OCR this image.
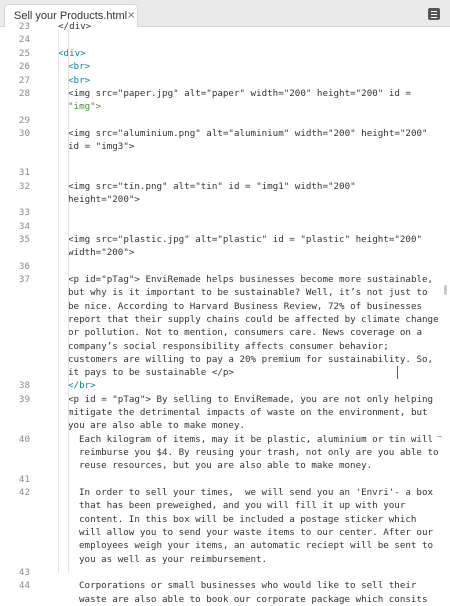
Sell your Products.html ×
23	</div>
24
25	<div>
26	<br>
27	<br>
28	<img src="paper.jpg" alt="paper" width="200" height="200" id =
"img">
29
30	<img src="aluminium.png" alt="aluminium" width="200" height="200"
id = "img3">
31
32	<img src="tin.png" alt="tin" id = "img1" width="200"
height="200">
33
34
35	<img src="plastic.jpg" alt="plastic" id = "plastic" height="200"
width="200">
36
37	<p id="pTag"> EnviRemade helps businesses become more sustainable,
but why is it important to be sustainable? Well, it’s not just to
be nice. According to Harvard Business Review, 72% of businesses
report that their supply chains could be affected by climate change
or pollution. Not to mention, consumers care. News coverage on a
company’s social responsibility affects consumer behavior;
customers are willing to pay a 20% premium for sustainability. So,
it pays to be sustainable </p>
38	</br>
39	<p id = "pTag"> By selling to EnviRemade, you are not only helping
mitigate the detrimental impacts of waste on the environment, but
you are also able to make money.
40	Each kilogram of items, may it be plastic, aluminium or tin will
reimburse you $4. By reusing your trash, not only are you able to
reuse resources, but you are also able to make money.
41
42	In order to sell your times,  we will send you an 'Envri'- a box
that has been preweighed, and you will fill it up with your
content. In this box will be included a postage sticker which
will allow you to send your waste items to our center. After our
employees weigh your items, an automatic reciept will be sent to
you as well as your reimbursement.
43
44	Corporations or small businesses who would like to sell their
waste are also able to book our corporate package which consits
